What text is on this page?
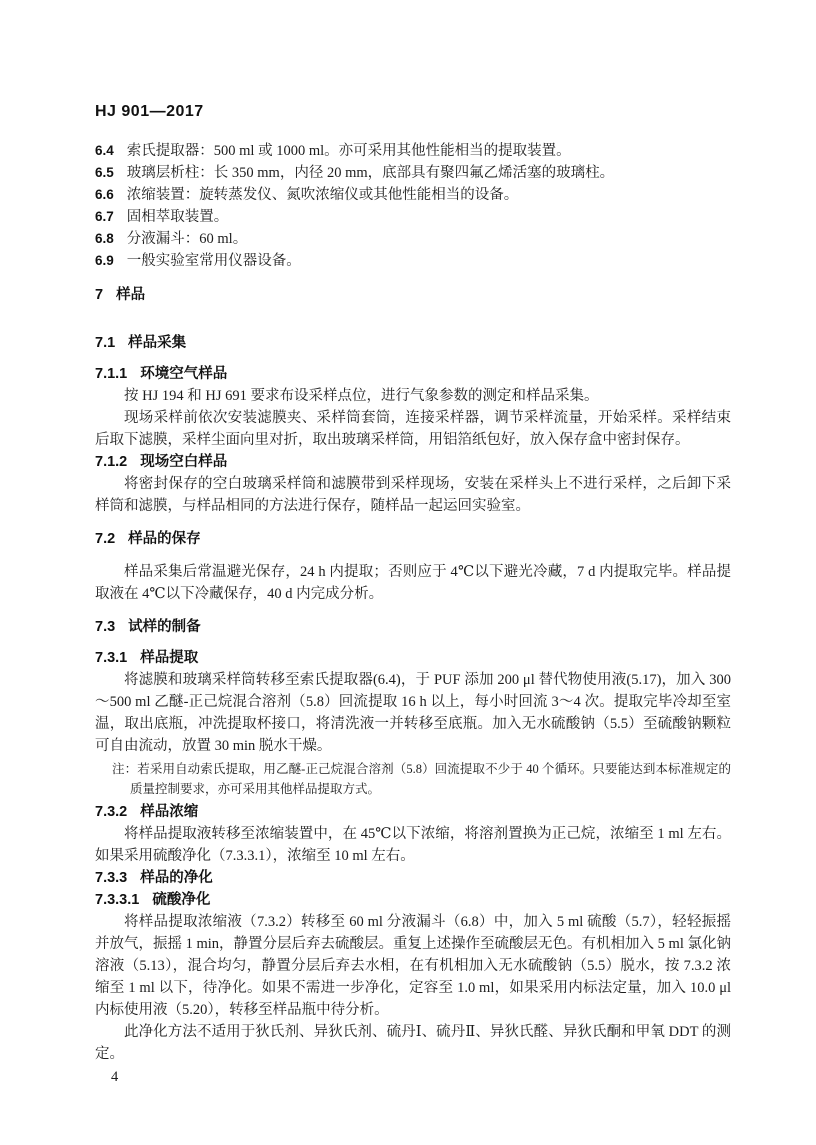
HJ 901—2017

6.4 索氏提取器：500 ml 或 1000 ml。亦可采用其他性能相当的提取装置。

6.5 玻璃层析柱：长 350 mm，内径 20 mm，底部具有聚四氟乙烯活塞的玻璃柱。

6.6 浓缩装置：旋转蒸发仪、氮吹浓缩仪或其他性能相当的设备。

6.7 固相萃取装置。

6.8 分液漏斗：60 ml。

6.9 一般实验室常用仪器设备。

7 样品

7.1 样品采集

7.1.1 环境空气样品

按 HJ 194 和 HJ 691 要求布设采样点位，进行气象参数的测定和样品采集。

现场采样前依次安装滤膜夹、采样筒套筒，连接采样器，调节采样流量，开始采样。采样结束后取下滤膜，采样尘面向里对折，取出玻璃采样筒，用铝箔纸包好，放入保存盒中密封保存。

7.1.2 现场空白样品

将密封保存的空白玻璃采样筒和滤膜带到采样现场，安装在采样头上不进行采样，之后卸下采样筒和滤膜，与样品相同的方法进行保存，随样品一起运回实验室。

7.2 样品的保存

样品采集后常温避光保存，24 h 内提取；否则应于 4℃以下避光冷藏，7 d 内提取完毕。样品提取液在 4℃以下冷藏保存，40 d 内完成分析。

7.3 试样的制备

7.3.1 样品提取

将滤膜和玻璃采样筒转移至索氏提取器(6.4)，于 PUF 添加 200 μl 替代物使用液(5.17)，加入 300～500 ml 乙醚-正己烷混合溶剂（5.8）回流提取 16 h 以上，每小时回流 3～4 次。提取完毕冷却至室温，取出底瓶，冲洗提取杯接口，将清洗液一并转移至底瓶。加入无水硫酸钠（5.5）至硫酸钠颗粒可自由流动，放置 30 min 脱水干燥。

注：若采用自动索氏提取，用乙醚-正己烷混合溶剂（5.8）回流提取不少于 40 个循环。只要能达到本标准规定的质量控制要求，亦可采用其他样品提取方式。

7.3.2 样品浓缩

将样品提取液转移至浓缩装置中，在 45℃以下浓缩，将溶剂置换为正己烷，浓缩至 1 ml 左右。如果采用硫酸净化（7.3.3.1），浓缩至 10 ml 左右。

7.3.3 样品的净化

7.3.3.1 硫酸净化

将样品提取浓缩液（7.3.2）转移至 60 ml 分液漏斗（6.8）中，加入 5 ml 硫酸（5.7），轻轻振摇并放气，振摇 1 min，静置分层后弃去硫酸层。重复上述操作至硫酸层无色。有机相加入 5 ml 氯化钠溶液（5.13），混合均匀，静置分层后弃去水相，在有机相加入无水硫酸钠（5.5）脱水，按 7.3.2 浓缩至 1 ml 以下，待净化。如果不需进一步净化，定容至 1.0 ml，如果采用内标法定量，加入 10.0 μl 内标使用液（5.20），转移至样品瓶中待分析。

此净化方法不适用于狄氏剂、异狄氏剂、硫丹Ⅰ、硫丹Ⅱ、异狄氏醛、异狄氏酮和甲氧 DDT 的测定。

4
